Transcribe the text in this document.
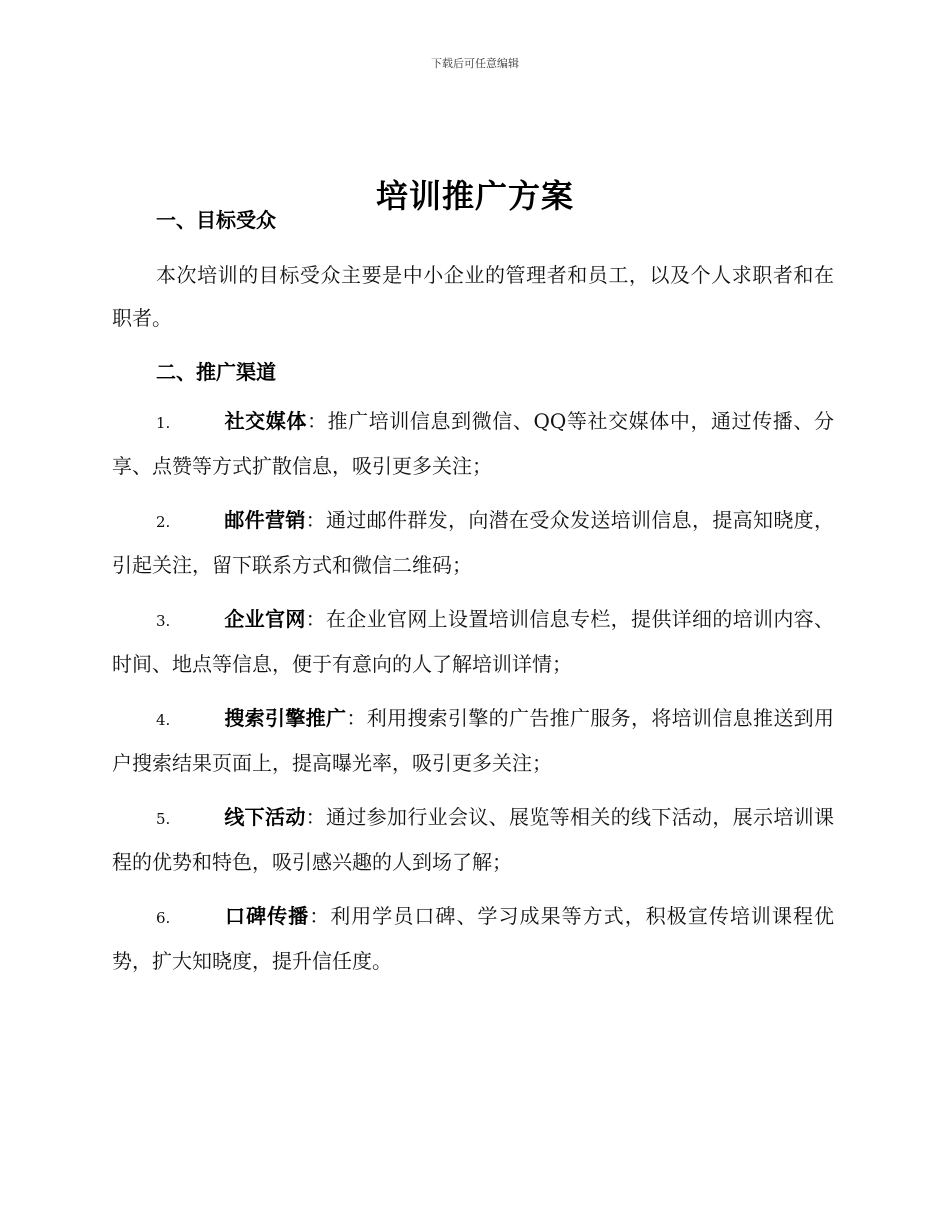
下载后可任意编辑
培训推广方案
一、目标受众

本次培训的目标受众主要是中小企业的管理者和员工，以及个人求职者和在职者。

二、推广渠道

1.	社交媒体：推广培训信息到微信、QQ等社交媒体中，通过传播、分享、点赞等方式扩散信息，吸引更多关注；

2.	邮件营销：通过邮件群发，向潜在受众发送培训信息，提高知晓度，引起关注，留下联系方式和微信二维码；

3.	企业官网：在企业官网上设置培训信息专栏，提供详细的培训内容、时间、地点等信息，便于有意向的人了解培训详情；

4.	搜索引擎推广：利用搜索引擎的广告推广服务，将培训信息推送到用户搜索结果页面上，提高曝光率，吸引更多关注；

5.	线下活动：通过参加行业会议、展览等相关的线下活动，展示培训课程的优势和特色，吸引感兴趣的人到场了解；

6.	口碑传播：利用学员口碑、学习成果等方式，积极宣传培训课程优势，扩大知晓度，提升信任度。
